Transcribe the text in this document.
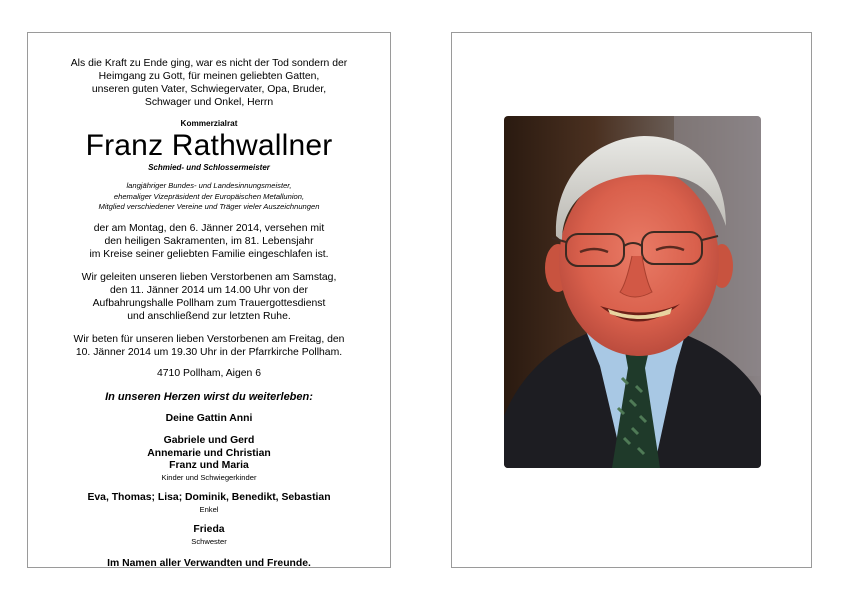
Als die Kraft zu Ende ging, war es nicht der Tod sondern der

Heimgang zu Gott, für meinen geliebten Gatten,

unseren guten Vater, Schwiegervater, Opa, Bruder,

Schwager und Onkel, Herrn

Kommerzialrat

Franz Rathwallner

Schmied- und Schlossermeister

langjähriger Bundes- und Landesinnungsmeister,

ehemaliger Vizepräsident der Europäischen Metallunion,

Mitglied verschiedener Vereine und Träger vieler Auszeichnungen

der am Montag, den 6. Jänner 2014, versehen mit

den heiligen Sakramenten, im 81. Lebensjahr

im Kreise seiner geliebten Familie eingeschlafen ist.

Wir geleiten unseren lieben Verstorbenen am Samstag,

den 11. Jänner 2014 um 14.00 Uhr von der

Aufbahrungshalle Pollham zum Trauergottesdienst

und anschließend zur letzten Ruhe.

Wir beten für unseren lieben Verstorbenen am Freitag, den

10. Jänner 2014 um 19.30 Uhr in der Pfarrkirche Pollham.

4710 Pollham, Aigen 6

In unseren Herzen wirst du weiterleben:

Deine Gattin Anni

Gabriele und Gerd

Annemarie und Christian

Franz und Maria

Kinder und Schwiegerkinder

Eva, Thomas; Lisa; Dominik, Benedikt, Sebastian

Enkel

Frieda

Schwester

Im Namen aller Verwandten und Freunde.
